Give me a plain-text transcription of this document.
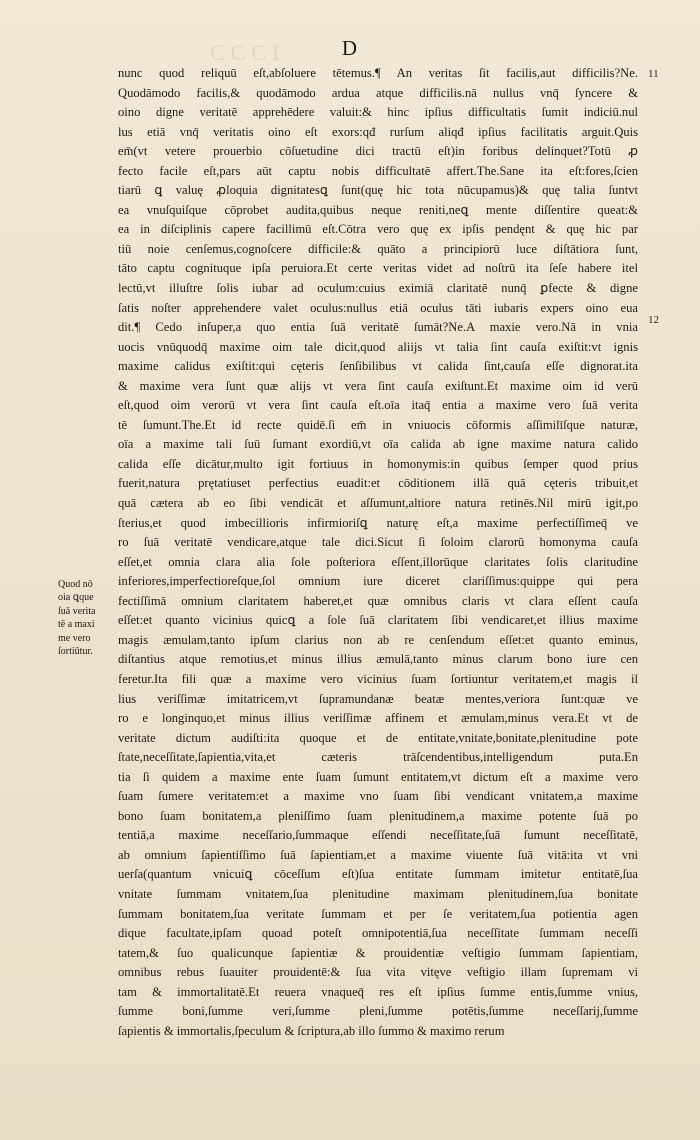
CCCI	D
11
12
Quod nō
oia ꝗque
ſuā verita
tē a maxi
me vero
ſortiūtur.
nunc quod reliquū eſt,abſoluere tētemus.¶ An veritas ſit facilis,aut difficilis?Ne.
Quodāmodo facilis,& quodāmodo ardua atque difficilis.nā nullus vnq̄ ſyncere &
oino digne veritatē apprehēdere valuit:& hinc ipſius difficultatis ſumit indiciū.nul
lus etiā vnq̄ veritatis oino eſt exors:qđ rurſum aliqđ ipſius facilitatis arguit.Quis
em̄(vt vetere prouerbio cōſuetudine dici tractū eſt)in foribus delinquet?Totū ꝓ
fecto facile eſt,pars aūt captu nobis difficultatē affert.The.Sane ita eſt:fores,ſcien
tiarū ꝗ valuę ꝓloquia dignitatesꝗ ſunt(quę hic tota nūcupamus)& quę talia ſuntvt
ea vnuſquiſque cōprobet audita,quibus neque reniti,neꝗ mente diſſentire queat:&
ea in diſciplinis capere facillimū eſt.Cōtra vero quę ex ipſis pendęnt & quę hic par
tiū noie cenſemus,cognoſcere difficile:& quāto a principiorū luce diſtātiora ſunt,
tāto captu cognituque ipſa peruiora.Et certe veritas videt ad noſtrū ita ſeſe habere itel
lectū,vt illuſtre ſolis iubar ad oculum:cuius eximiā claritatē nunq̄ ꝑfecte & digne
ſatis noſter apprehendere valet oculus:nullus etiā oculus tāti iubaris expers oino eua
dit.¶ Cedo inſuper,a quo entia ſuā veritatē ſumāt?Ne.A maxie vero.Nā in vnia
uocis vnūquodq̄ maxime oim tale dicit,quod aliijs vt talia ſint cauſa exiſtit:vt ignis
maxime calidus exiſtit:qui cęteris ſenſibilibus vt calida ſint,cauſa eſſe dignorat.ita
& maxime vera ſunt quæ alijs vt vera ſint cauſa exiſtunt.Et maxime oim id verū
eſt,quod oim verorū vt vera ſint cauſa eſt.oīa itaq̄ entia a maxime vero ſuā verita
tē ſumunt.The.Et id recte quidē.ſi em̄ in vniuocis cōformis aſſimilīſque naturæ,
oīa a maxime tali ſuū ſumant exordiū,vt oīa calida ab igne maxime natura calido
calida eſſe dicātur,multo igit fortiuus in homonymis:in quibus ſemper quod prius
fuerit,natura prętatiuset perfectius euadit:et cōditionem illā quā cęteris tribuit,et
quā cætera ab eo ſibi vendicāt et aſſumunt,altiore natura retinēs.Nil mirū igit,po
ſterius,et quod imbecillioris infirmioriſꝗ naturę eſt,a maxime perfectiſſimeq̄ ve
ro ſuā veritatē vendicare,atque tale dici.Sicut ſi ſoloim clarorū homonyma cauſa
eſſet,et omnia clara alia ſole poſteriora eſſent,illorūque claritates ſolis claritudine
inferiores,imperfectioreſque,ſol omnium iure diceret clariſſimus:quippe qui pera
fectiſſimā omnium claritatem haberet,et quæ omnibus claris vt clara eſſent cauſa
eſſet:et quanto vicinius quicꝗ a ſole ſuā claritatem ſibi vendicaret,et illius maxime
magis æmulam,tanto ipſum clarius non ab re cenſendum eſſet:et quanto eminus,
diſtantius atque remotius,et minus illius æmulā,tanto minus clarum bono iure cen
feretur.Ita fili quæ a maxime vero vicinius ſuam ſortiuntur veritatem,et magis il
lius veriſſimæ imitatricem,vt ſupramundanæ beatæ mentes,veriora ſunt:quæ ve
ro e longinquo,et minus illius veriſſimæ affinem et æmulam,minus vera.Et vt de
veritate dictum audiſti:ita quoque et de entitate,vnitate,bonitate,plenitudine pote
ſtate,neceſſitate,ſapientia,vita,et cæteris trāſcendentibus,intelligendum puta.En
tia ſi quidem a maxime ente ſuam ſumunt entitatem,vt dictum eſt a maxime vero
ſuam ſumere veritatem:et a maxime vno ſuam ſibi vendicant vnitatem,a maxime
bono ſuam bonitatem,a pleniſſimo ſuam plenitudinem,a maxime potente ſuā po
tentiā,a maxime neceſſario,ſummaque eſſendi neceſſitate,ſuā ſumunt neceſſitatē,
ab omnium ſapientiſſimo ſuā ſapientiam,et a maxime viuente ſuā vitā:ita vt vni
uerſa(quantum vnicuiꝗ cōceſſum eſt)ſua entitate ſummam imitetur entitatē,ſua
vnitate ſummam vnitatem,ſua plenitudine maximam plenitudinem,ſua bonitate
ſummam bonitatem,ſua veritate ſummam et per ſe veritatem,ſua potientia agen
dique facultate,ipſam quoad poteſt omnipotentiā,ſua neceſſitate ſummam neceſſi
tatem,& ſuo qualicunque ſapientiæ & prouidentiæ veſtigio ſummam ſapientiam,
omnibus rebus ſuauiter prouidentē:& ſua vita vitęve veſtigio illam ſupremam vi
tam & immortalitatē.Et reuera vnaqueq̄ res eſt ipſius ſumme entis,ſumme vnius,
ſumme boni,ſumme veri,ſumme pleni,ſumme potētis,ſumme neceſſarij,ſumme
ſapientis & immortalis,ſpeculum & ſcriptura,ab illo ſummo & maximo rerum
